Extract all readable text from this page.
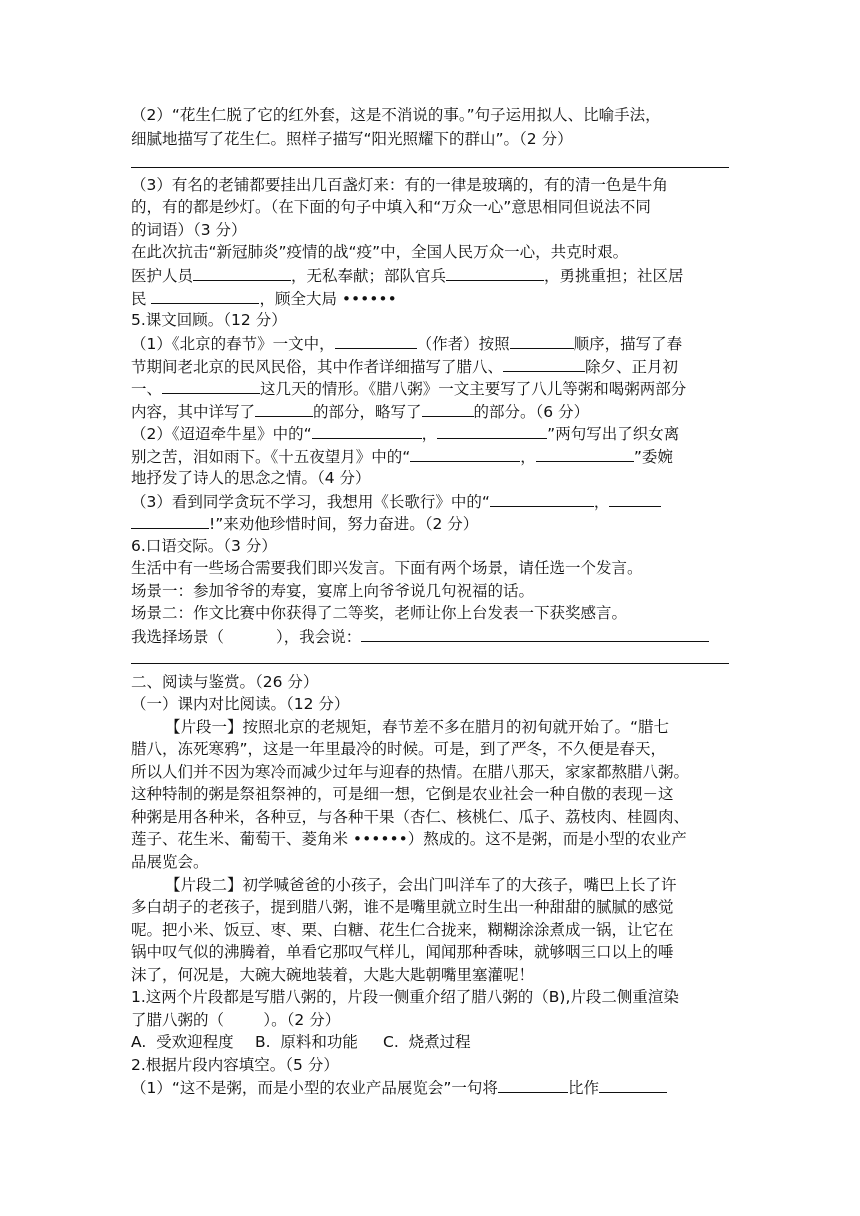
（2）“花生仁脱了它的红外套，这是不消说的事。”句子运用拟人、比喻手法，
细腻地描写了花生仁。照样子描写“阳光照耀下的群山”。（2 分）
（3）有名的老铺都要挂出几百盏灯来：有的一律是玻璃的，有的清一色是牛角
的，有的都是纱灯。（在下面的句子中填入和“万众一心”意思相同但说法不同
的词语）（3 分）
在此次抗击“新冠肺炎”疫情的战“疫”中，全国人民万众一心，共克时艰。
医护人员	，无私奉献；部队官兵	，勇挑重担；社区居
民	，顾全大局 ••••••
5.课文回顾。（12 分）
（1）《北京的春节》一文中，	（作者）按照	顺序，描写了春
节期间老北京的民风民俗，其中作者详细描写了腊八、	除夕、正月初
一、	这几天的情形。《腊八粥》一文主要写了八儿等粥和喝粥两部分
内容，其中详写了	的部分，略写了	的部分。（6 分）
（2）《迢迢牵牛星》中的“	，	”两句写出了织女离
别之苦，泪如雨下。《十五夜望月》中的“	，	”委婉
地抒发了诗人的思念之情。（4 分）
（3）看到同学贪玩不学习，我想用《长歌行》中的“	，
!”来劝他珍惜时间，努力奋进。（2 分）
6.口语交际。（3 分）
生活中有一些场合需要我们即兴发言。下面有两个场景，请任选一个发言。
场景一：参加爷爷的寿宴，宴席上向爷爷说几句祝福的话。
场景二：作文比赛中你获得了二等奖，老师让你上台发表一下获奖感言。
我选择场景（	），我会说：
二、阅读与鉴赏。（26 分）
（一）课内对比阅读。（12 分）
【片段一】按照北京的老规矩，春节差不多在腊月的初旬就开始了。“腊七
腊八，冻死寒鸦”，这是一年里最冷的时候。可是，到了严冬，不久便是春天，
所以人们并不因为寒冷而减少过年与迎春的热情。在腊八那天，家家都熬腊八粥。
这种特制的粥是祭祖祭神的，可是细一想，它倒是农业社会一种自傲的表现－这
种粥是用各种米，各种豆，与各种干果（杏仁、核桃仁、瓜子、荔枝肉、桂圆肉、
莲子、花生米、葡萄干、菱角米 ••••••）熬成的。这不是粥，而是小型的农业产
品展览会。
【片段二】初学喊爸爸的小孩子，会出门叫洋车了的大孩子，嘴巴上长了许
多白胡子的老孩子，提到腊八粥，谁不是嘴里就立时生出一种甜甜的腻腻的感觉
呢。把小米、饭豆、枣、栗、白糖、花生仁合拢来，糊糊涂涂煮成一锅，让它在
锅中叹气似的沸腾着，单看它那叹气样儿，闻闻那种香味，就够咽三口以上的唾
沫了，何况是，大碗大碗地装着，大匙大匙朝嘴里塞灌呢！
1.这两个片段都是写腊八粥的，片段一侧重介绍了腊八粥的（B),片段二侧重渲染
了腊八粥的（        ）。（2 分）
A.  受欢迎程度 B.  原料和功能 C.  烧煮过程
2.根据片段内容填空。（5 分）
（1）“这不是粥，而是小型的农业产品展览会”一句将	比作
